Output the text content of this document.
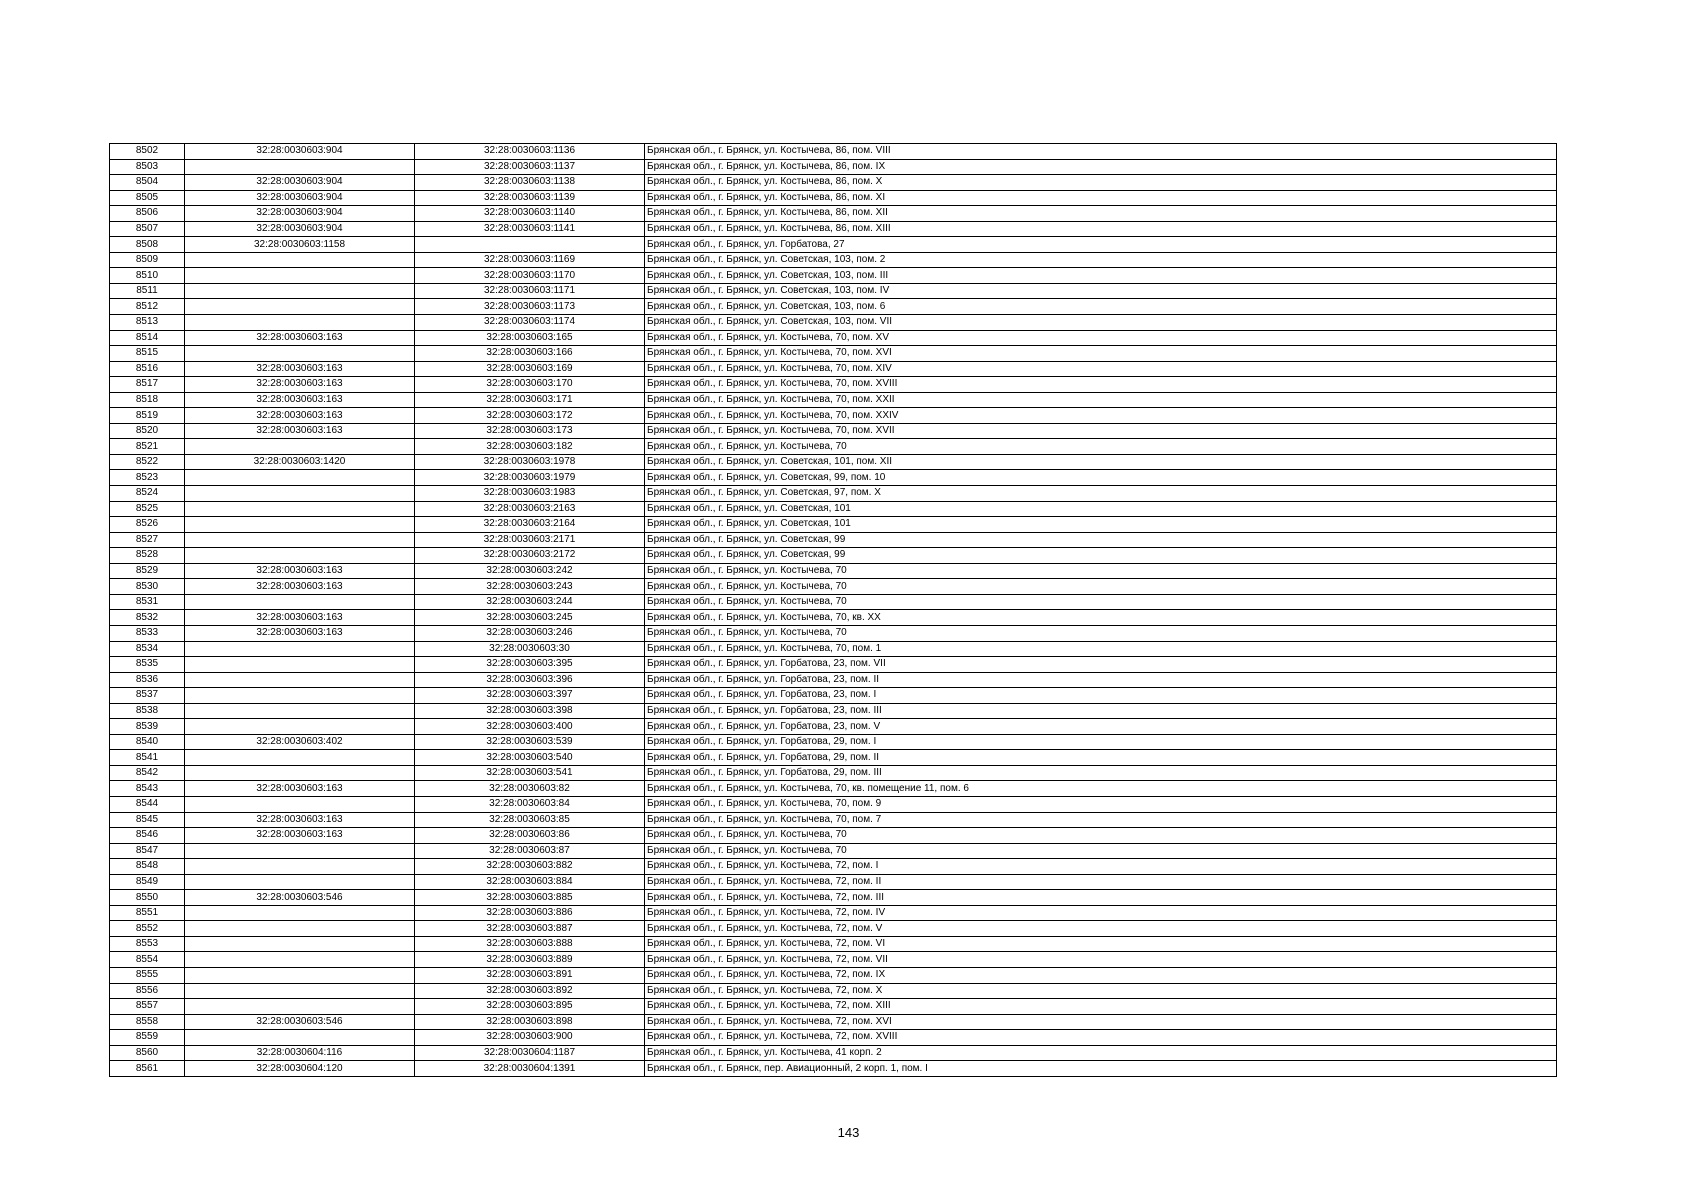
8502	32:28:0030603:904	32:28:0030603:1136	Брянская обл., г. Брянск, ул. Костычева, 86, пом. VIII
8503		32:28:0030603:1137	Брянская обл., г. Брянск, ул. Костычева, 86, пом. IX
8504	32:28:0030603:904	32:28:0030603:1138	Брянская обл., г. Брянск, ул. Костычева, 86, пом. X
8505	32:28:0030603:904	32:28:0030603:1139	Брянская обл., г. Брянск, ул. Костычева, 86, пом. XI
8506	32:28:0030603:904	32:28:0030603:1140	Брянская обл., г. Брянск, ул. Костычева, 86, пом. XII
8507	32:28:0030603:904	32:28:0030603:1141	Брянская обл., г. Брянск, ул. Костычева, 86, пом. XIII
8508	32:28:0030603:1158		Брянская обл., г. Брянск, ул. Горбатова, 27
8509		32:28:0030603:1169	Брянская обл., г. Брянск, ул. Советская, 103, пом. 2
8510		32:28:0030603:1170	Брянская обл., г. Брянск, ул. Советская, 103, пом. III
8511		32:28:0030603:1171	Брянская обл., г. Брянск, ул. Советская, 103, пом. IV
8512		32:28:0030603:1173	Брянская обл., г. Брянск, ул. Советская, 103, пом. 6
8513		32:28:0030603:1174	Брянская обл., г. Брянск, ул. Советская, 103, пом. VII
8514	32:28:0030603:163	32:28:0030603:165	Брянская обл., г. Брянск, ул. Костычева, 70, пом. XV
8515		32:28:0030603:166	Брянская обл., г. Брянск, ул. Костычева, 70, пом. XVI
8516	32:28:0030603:163	32:28:0030603:169	Брянская обл., г. Брянск, ул. Костычева, 70, пом. XIV
8517	32:28:0030603:163	32:28:0030603:170	Брянская обл., г. Брянск, ул. Костычева, 70, пом. XVIII
8518	32:28:0030603:163	32:28:0030603:171	Брянская обл., г. Брянск, ул. Костычева, 70, пом. XXII
8519	32:28:0030603:163	32:28:0030603:172	Брянская обл., г. Брянск, ул. Костычева, 70, пом. XXIV
8520	32:28:0030603:163	32:28:0030603:173	Брянская обл., г. Брянск, ул. Костычева, 70, пом. XVII
8521		32:28:0030603:182	Брянская обл., г. Брянск, ул. Костычева, 70
8522	32:28:0030603:1420	32:28:0030603:1978	Брянская обл., г. Брянск, ул. Советская, 101, пом. XII
8523		32:28:0030603:1979	Брянская обл., г. Брянск, ул. Советская, 99, пом. 10
8524		32:28:0030603:1983	Брянская обл., г. Брянск, ул. Советская, 97, пом. X
8525		32:28:0030603:2163	Брянская обл., г. Брянск, ул. Советская, 101
8526		32:28:0030603:2164	Брянская обл., г. Брянск, ул. Советская, 101
8527		32:28:0030603:2171	Брянская обл., г. Брянск, ул. Советская, 99
8528		32:28:0030603:2172	Брянская обл., г. Брянск, ул. Советская, 99
8529	32:28:0030603:163	32:28:0030603:242	Брянская обл., г. Брянск, ул. Костычева, 70
8530	32:28:0030603:163	32:28:0030603:243	Брянская обл., г. Брянск, ул. Костычева, 70
8531		32:28:0030603:244	Брянская обл., г. Брянск, ул. Костычева, 70
8532	32:28:0030603:163	32:28:0030603:245	Брянская обл., г. Брянск, ул. Костычева, 70, кв. XX
8533	32:28:0030603:163	32:28:0030603:246	Брянская обл., г. Брянск, ул. Костычева, 70
8534		32:28:0030603:30	Брянская обл., г. Брянск, ул. Костычева, 70, пом. 1
8535		32:28:0030603:395	Брянская обл., г. Брянск, ул. Горбатова, 23, пом. VII
8536		32:28:0030603:396	Брянская обл., г. Брянск, ул. Горбатова, 23, пом. II
8537		32:28:0030603:397	Брянская обл., г. Брянск, ул. Горбатова, 23, пом. I
8538		32:28:0030603:398	Брянская обл., г. Брянск, ул. Горбатова, 23, пом. III
8539		32:28:0030603:400	Брянская обл., г. Брянск, ул. Горбатова, 23, пом. V
8540	32:28:0030603:402	32:28:0030603:539	Брянская обл., г. Брянск, ул. Горбатова, 29, пом. I
8541		32:28:0030603:540	Брянская обл., г. Брянск, ул. Горбатова, 29, пом. II
8542		32:28:0030603:541	Брянская обл., г. Брянск, ул. Горбатова, 29, пом. III
8543	32:28:0030603:163	32:28:0030603:82	Брянская обл., г. Брянск, ул. Костычева, 70, кв. помещение 11, пом. 6
8544		32:28:0030603:84	Брянская обл., г. Брянск, ул. Костычева, 70, пом. 9
8545	32:28:0030603:163	32:28:0030603:85	Брянская обл., г. Брянск, ул. Костычева, 70, пом. 7
8546	32:28:0030603:163	32:28:0030603:86	Брянская обл., г. Брянск, ул. Костычева, 70
8547		32:28:0030603:87	Брянская обл., г. Брянск, ул. Костычева, 70
8548		32:28:0030603:882	Брянская обл., г. Брянск, ул. Костычева, 72, пом. I
8549		32:28:0030603:884	Брянская обл., г. Брянск, ул. Костычева, 72, пом. II
8550	32:28:0030603:546	32:28:0030603:885	Брянская обл., г. Брянск, ул. Костычева, 72, пом. III
8551		32:28:0030603:886	Брянская обл., г. Брянск, ул. Костычева, 72, пом. IV
8552		32:28:0030603:887	Брянская обл., г. Брянск, ул. Костычева, 72, пом. V
8553		32:28:0030603:888	Брянская обл., г. Брянск, ул. Костычева, 72, пом. VI
8554		32:28:0030603:889	Брянская обл., г. Брянск, ул. Костычева, 72, пом. VII
8555		32:28:0030603:891	Брянская обл., г. Брянск, ул. Костычева, 72, пом. IX
8556		32:28:0030603:892	Брянская обл., г. Брянск, ул. Костычева, 72, пом. X
8557		32:28:0030603:895	Брянская обл., г. Брянск, ул. Костычева, 72, пом. XIII
8558	32:28:0030603:546	32:28:0030603:898	Брянская обл., г. Брянск, ул. Костычева, 72, пом. XVI
8559		32:28:0030603:900	Брянская обл., г. Брянск, ул. Костычева, 72, пом. XVIII
8560	32:28:0030604:116	32:28:0030604:1187	Брянская обл., г. Брянск, ул. Костычева, 41 корп. 2
8561	32:28:0030604:120	32:28:0030604:1391	Брянская обл., г. Брянск, пер. Авиационный, 2 корп. 1, пом. I
143
